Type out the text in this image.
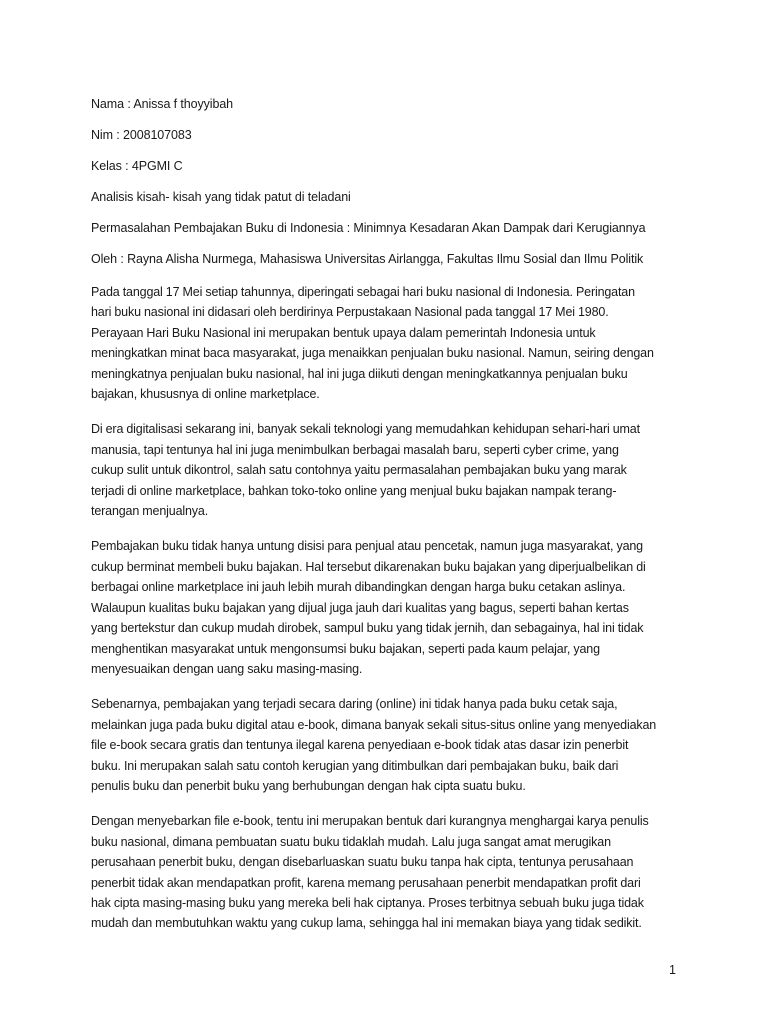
Nama : Anissa f thoyyibah

Nim : 2008107083

Kelas : 4PGMI C

Analisis kisah- kisah yang tidak patut di teladani

Permasalahan Pembajakan Buku di Indonesia : Minimnya Kesadaran Akan Dampak dari Kerugiannya

Oleh : Rayna Alisha Nurmega, Mahasiswa Universitas Airlangga, Fakultas Ilmu Sosial dan Ilmu Politik

Pada tanggal 17 Mei setiap tahunnya, diperingati sebagai hari buku nasional di Indonesia. Peringatan
hari buku nasional ini didasari oleh berdirinya Perpustakaan Nasional pada tanggal 17 Mei 1980.
Perayaan Hari Buku Nasional ini merupakan bentuk upaya dalam pemerintah Indonesia untuk
meningkatkan minat baca masyarakat, juga menaikkan penjualan buku nasional. Namun, seiring dengan
meningkatnya penjualan buku nasional, hal ini juga diikuti dengan meningkatkannya penjualan buku
bajakan, khususnya di online marketplace.
Di era digitalisasi sekarang ini, banyak sekali teknologi yang memudahkan kehidupan sehari-hari umat
manusia, tapi tentunya hal ini juga menimbulkan berbagai masalah baru, seperti cyber crime, yang
cukup sulit untuk dikontrol, salah satu contohnya yaitu permasalahan pembajakan buku yang marak
terjadi di online marketplace, bahkan toko-toko online yang menjual buku bajakan nampak terang-
terangan menjualnya.
Pembajakan buku tidak hanya untung disisi para penjual atau pencetak, namun juga masyarakat, yang
cukup berminat membeli buku bajakan. Hal tersebut dikarenakan buku bajakan yang diperjualbelikan di
berbagai online marketplace ini jauh lebih murah dibandingkan dengan harga buku cetakan aslinya.
Walaupun kualitas buku bajakan yang dijual juga jauh dari kualitas yang bagus, seperti bahan kertas
yang bertekstur dan cukup mudah dirobek, sampul buku yang tidak jernih, dan sebagainya, hal ini tidak
menghentikan masyarakat untuk mengonsumsi buku bajakan, seperti pada kaum pelajar, yang
menyesuaikan dengan uang saku masing-masing.
Sebenarnya, pembajakan yang terjadi secara daring (online) ini tidak hanya pada buku cetak saja,
melainkan juga pada buku digital atau e-book, dimana banyak sekali situs-situs online yang menyediakan
file e-book secara gratis dan tentunya ilegal karena penyediaan e-book tidak atas dasar izin penerbit
buku. Ini merupakan salah satu contoh kerugian yang ditimbulkan dari pembajakan buku, baik dari
penulis buku dan penerbit buku yang berhubungan dengan hak cipta suatu buku.
Dengan menyebarkan file e-book, tentu ini merupakan bentuk dari kurangnya menghargai karya penulis
buku nasional, dimana pembuatan suatu buku tidaklah mudah. Lalu juga sangat amat merugikan
perusahaan penerbit buku, dengan disebarluaskan suatu buku tanpa hak cipta, tentunya perusahaan
penerbit tidak akan mendapatkan profit, karena memang perusahaan penerbit mendapatkan profit dari
hak cipta masing-masing buku yang mereka beli hak ciptanya. Proses terbitnya sebuah buku juga tidak
mudah dan membutuhkan waktu yang cukup lama, sehingga hal ini memakan biaya yang tidak sedikit.
1
